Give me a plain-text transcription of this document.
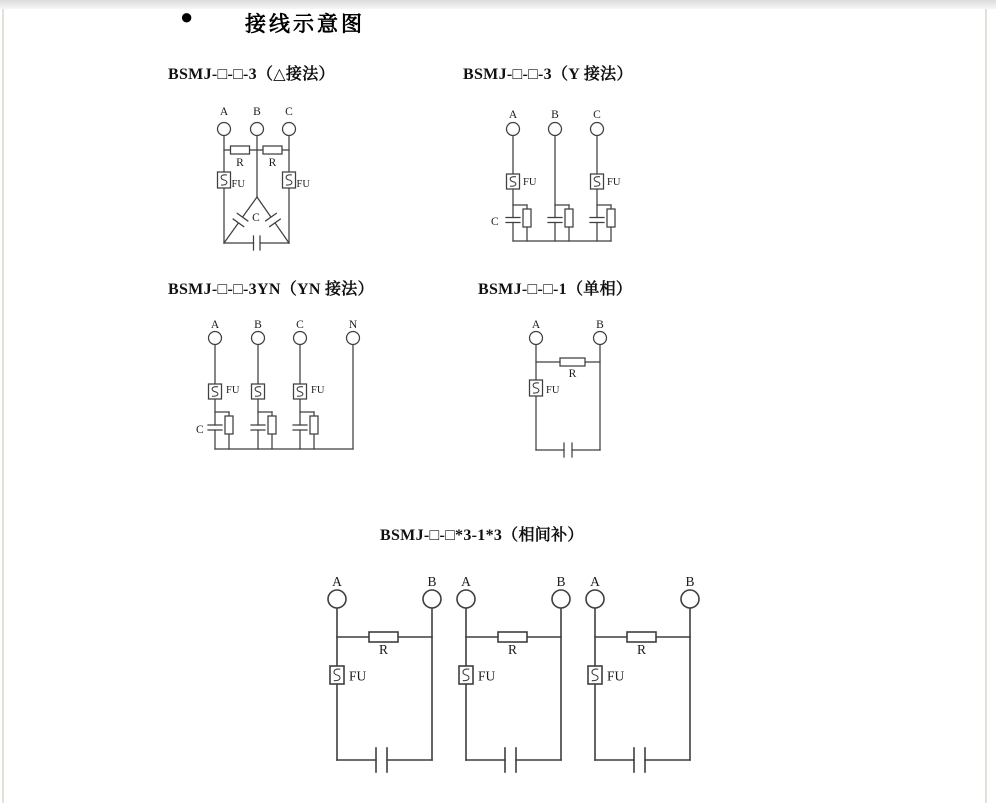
● 接线示意图
BSMJ-□-□-3（△接法）	BSMJ-□-□-3（Y 接法）
BSMJ-□-□-3YN（YN 接法）	BSMJ-□-□-1（单相）
BSMJ-□-□*3-1*3（相间补）
A B C
R R
FU	FU
C
A	B	C
FU	FU
C
A	B	C	N
FU	FU
C
A	B
R
FU
A	B
R
FU
A	B
R
FU
A	B
R
FU
